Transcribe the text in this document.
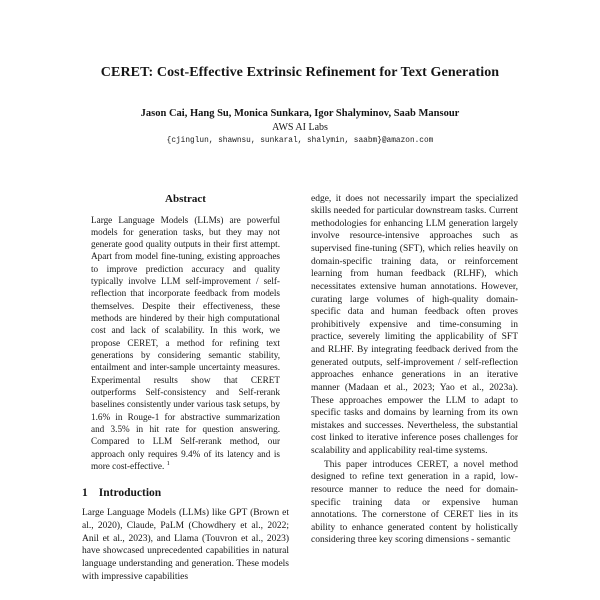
CERET: Cost-Effective Extrinsic Refinement for Text Generation
Jason Cai, Hang Su, Monica Sunkara, Igor Shalyminov, Saab Mansour
AWS AI Labs
{cjinglun, shawnsu, sunkaral, shalymin, saabm}@amazon.com
Abstract

Large Language Models (LLMs) are powerful models for generation tasks, but they may not generate good quality outputs in their first attempt. Apart from model fine-tuning, existing approaches to improve prediction accuracy and quality typically involve LLM self-improvement / self-reflection that incorporate feedback from models themselves. Despite their effectiveness, these methods are hindered by their high computational cost and lack of scalability. In this work, we propose CERET, a method for refining text generations by considering semantic stability, entailment and inter-sample uncertainty measures. Experimental results show that CERET outperforms Self-consistency and Self-rerank baselines consistently under various task setups, by 1.6% in Rouge-1 for abstractive summarization and 3.5% in hit rate for question answering. Compared to LLM Self-rerank method, our approach only requires 9.4% of its latency and is more cost-effective. $^1$

1 Introduction

Large Language Models (LLMs) like GPT (Brown et al., 2020), Claude, PaLM (Chowdhery et al., 2022; Anil et al., 2023), and Llama (Touvron et al., 2023) have showcased unprecedented capabilities in natural language understanding and generation. These models with impressive capabilities

edge, it does not necessarily impart the specialized skills needed for particular downstream tasks. Current methodologies for enhancing LLM generation largely involve resource-intensive approaches such as supervised fine-tuning (SFT), which relies heavily on domain-specific training data, or reinforcement learning from human feedback (RLHF), which necessitates extensive human annotations. However, curating large volumes of high-quality domain-specific data and human feedback often proves prohibitively expensive and time-consuming in practice, severely limiting the applicability of SFT and RLHF. By integrating feedback derived from the generated outputs, self-improvement / self-reflection approaches enhance generations in an iterative manner (Madaan et al., 2023; Yao et al., 2023a). These approaches empower the LLM to adapt to specific tasks and domains by learning from its own mistakes and successes. Nevertheless, the substantial cost linked to iterative inference poses challenges for scalability and applicability real-time systems.

This paper introduces CERET, a novel method designed to refine text generation in a rapid, low-resource manner to reduce the need for domain-specific training data or expensive human annotations. The cornerstone of CERET lies in its ability to enhance generated content by holistically considering three key scoring dimensions - semantic
